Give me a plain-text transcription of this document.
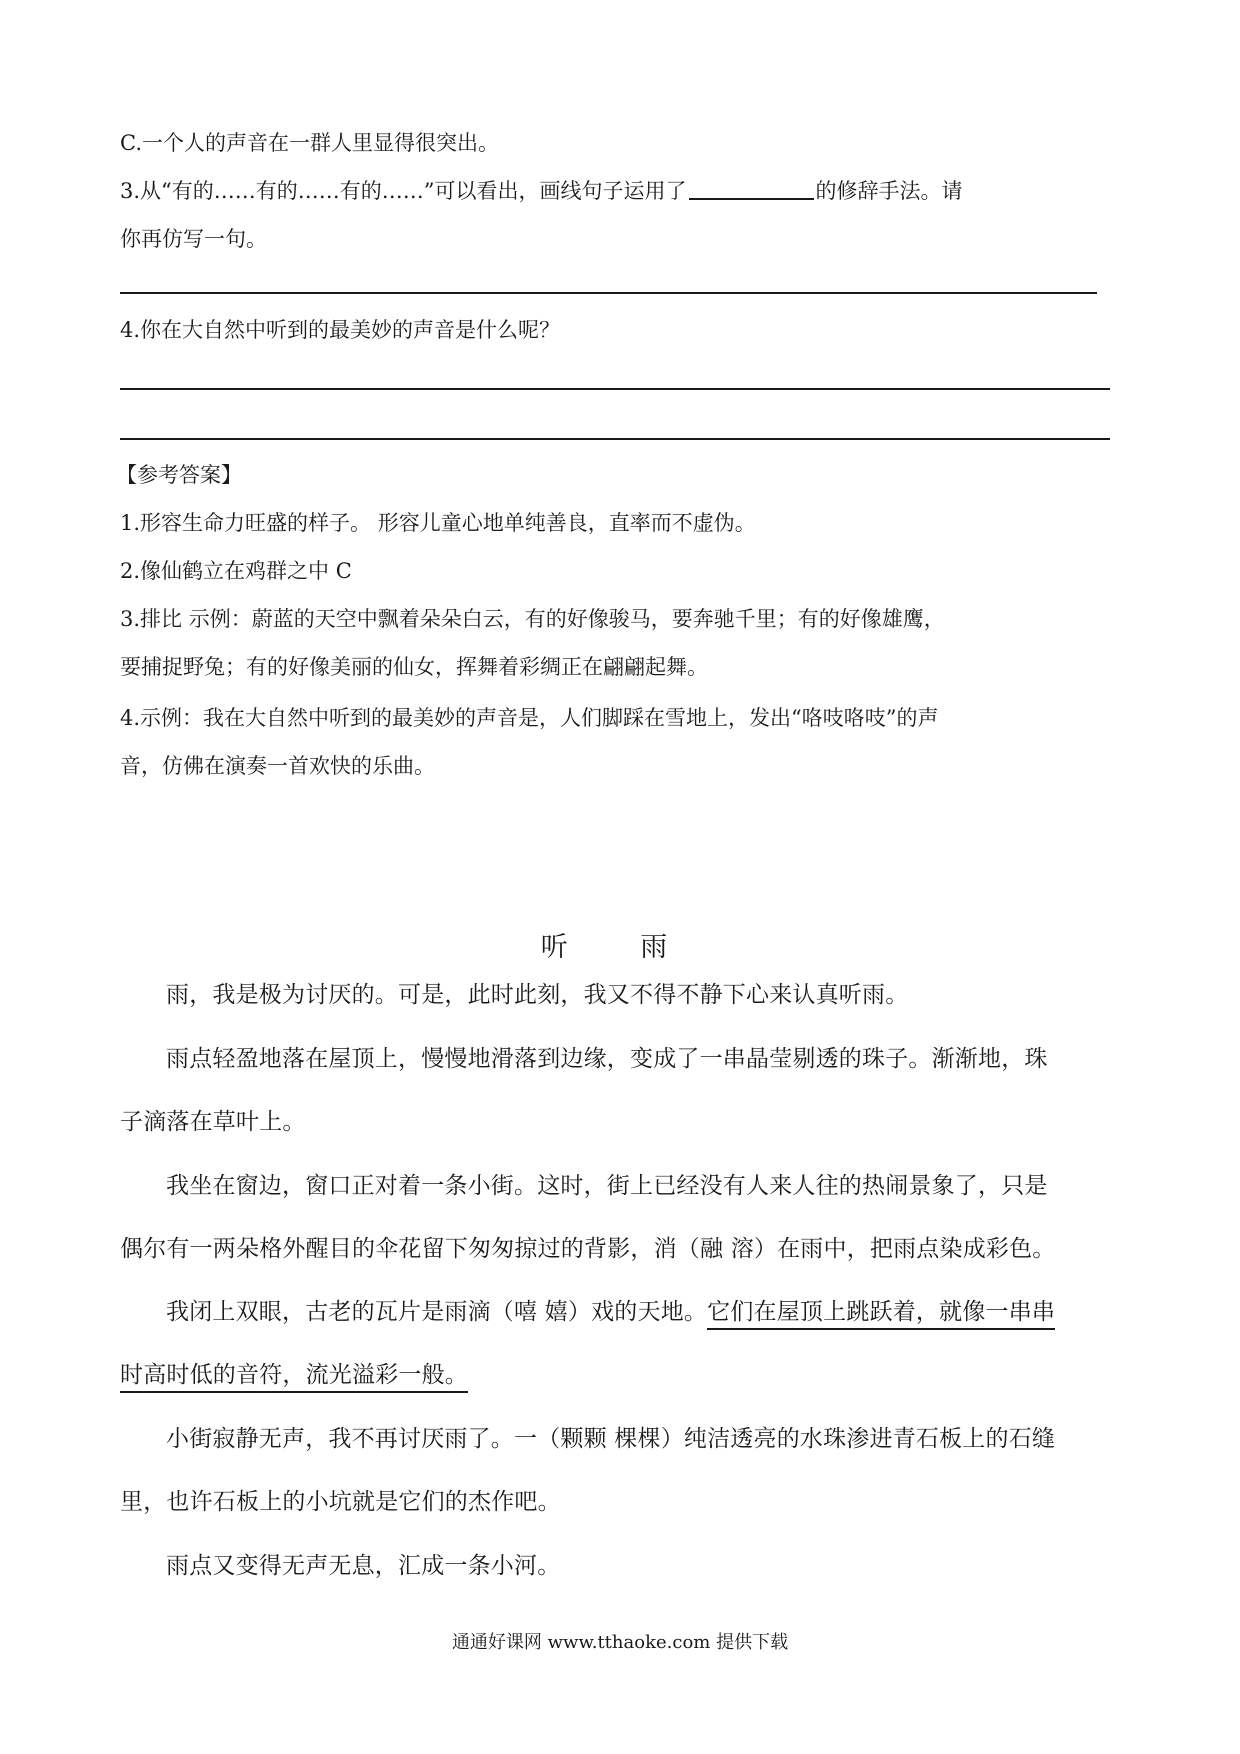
C.一个人的声音在一群人里显得很突出。
3.从“有的……有的……有的……”可以看出，画线句子运用了	的修辞手法。请
你再仿写一句。
4.你在大自然中听到的最美妙的声音是什么呢？
【参考答案】
1.形容生命力旺盛的样子。 形容儿童心地单纯善良，直率而不虚伪。
2.像仙鹤立在鸡群之中 C
3.排比 示例：蔚蓝的天空中飘着朵朵白云，有的好像骏马，要奔驰千里；有的好像雄鹰，
要捕捉野兔；有的好像美丽的仙女，挥舞着彩绸正在翩翩起舞。
4.示例：我在大自然中听到的最美妙的声音是，人们脚踩在雪地上，发出“咯吱咯吱”的声
音，仿佛在演奏一首欢快的乐曲。
听 雨
雨，我是极为讨厌的。可是，此时此刻，我又不得不静下心来认真听雨。
雨点轻盈地落在屋顶上，慢慢地滑落到边缘，变成了一串晶莹剔透的珠子。渐渐地，珠
子滴落在草叶上。
我坐在窗边，窗口正对着一条小街。这时，街上已经没有人来人往的热闹景象了，只是
偶尔有一两朵格外醒目的伞花留下匆匆掠过的背影，消（融 溶）在雨中，把雨点染成彩色。
我闭上双眼，古老的瓦片是雨滴（嘻 嬉）戏的天地。它们在屋顶上跳跃着，就像一串串
时高时低的音符，流光溢彩一般。
小街寂静无声，我不再讨厌雨了。一（颗颗 棵棵）纯洁透亮的水珠渗进青石板上的石缝
里，也许石板上的小坑就是它们的杰作吧。
雨点又变得无声无息，汇成一条小河。
通通好课网 www.tthaoke.com 提供下载
